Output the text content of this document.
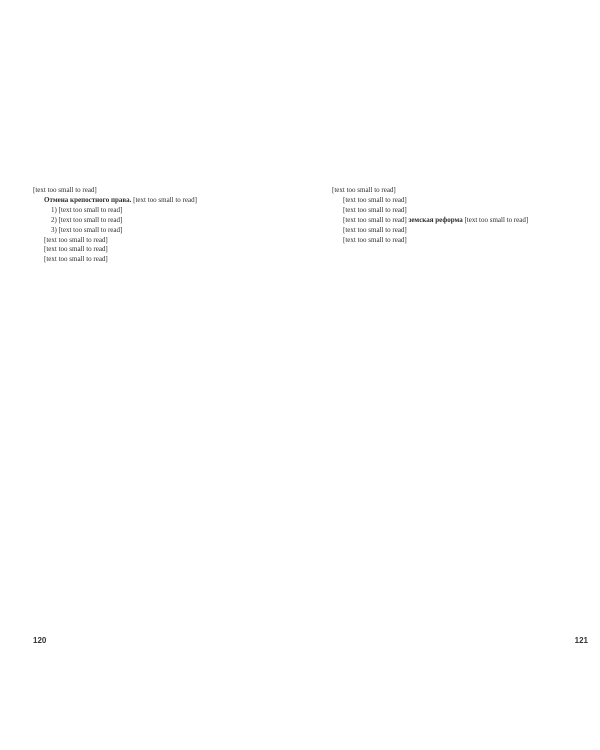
[text too small to read]

Отмена крепостного права. [text too small to read]

1) [text too small to read]

2) [text too small to read]

3) [text too small to read]

[text too small to read]

[text too small to read]

[text too small to read]

120

[text too small to read]

[text too small to read]

[text too small to read]

[text too small to read] земская реформа [text too small to read]

[text too small to read]

[text too small to read]

121
